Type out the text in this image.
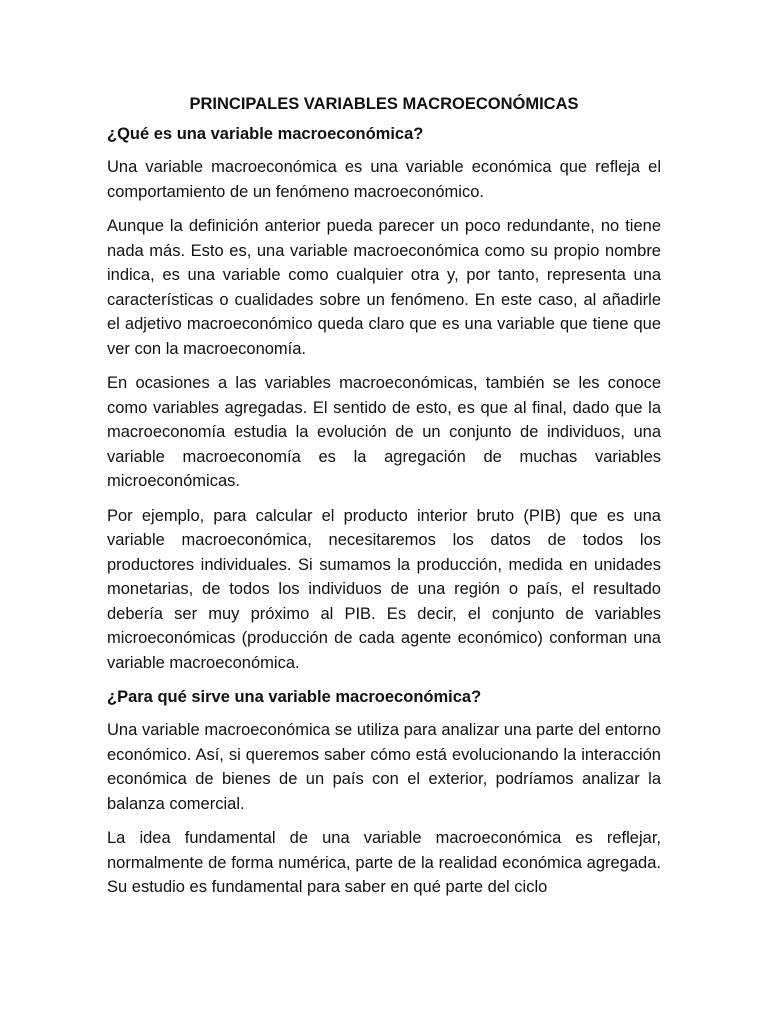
PRINCIPALES VARIABLES MACROECONÓMICAS
¿Qué es una variable macroeconómica?

Una variable macroeconómica es una variable económica que refleja el comportamiento de un fenómeno macroeconómico.

Aunque la definición anterior pueda parecer un poco redundante, no tiene nada más. Esto es, una variable macroeconómica como su propio nombre indica, es una variable como cualquier otra y, por tanto, representa una características o cualidades sobre un fenómeno. En este caso, al añadirle el adjetivo macroeconómico queda claro que es una variable que tiene que ver con la macroeconomía.

En ocasiones a las variables macroeconómicas, también se les conoce como variables agregadas. El sentido de esto, es que al final, dado que la macroeconomía estudia la evolución de un conjunto de individuos, una variable macroeconomía es la agregación de muchas variables microeconómicas.

Por ejemplo, para calcular el producto interior bruto (PIB) que es una variable macroeconómica, necesitaremos los datos de todos los productores individuales. Si sumamos la producción, medida en unidades monetarias, de todos los individuos de una región o país, el resultado debería ser muy próximo al PIB. Es decir, el conjunto de variables microeconómicas (producción de cada agente económico) conforman una variable macroeconómica.

¿Para qué sirve una variable macroeconómica?

Una variable macroeconómica se utiliza para analizar una parte del entorno económico. Así, si queremos saber cómo está evolucionando la interacción económica de bienes de un país con el exterior, podríamos analizar la balanza comercial.

La idea fundamental de una variable macroeconómica es reflejar, normalmente de forma numérica, parte de la realidad económica agregada. Su estudio es fundamental para saber en qué parte del ciclo
